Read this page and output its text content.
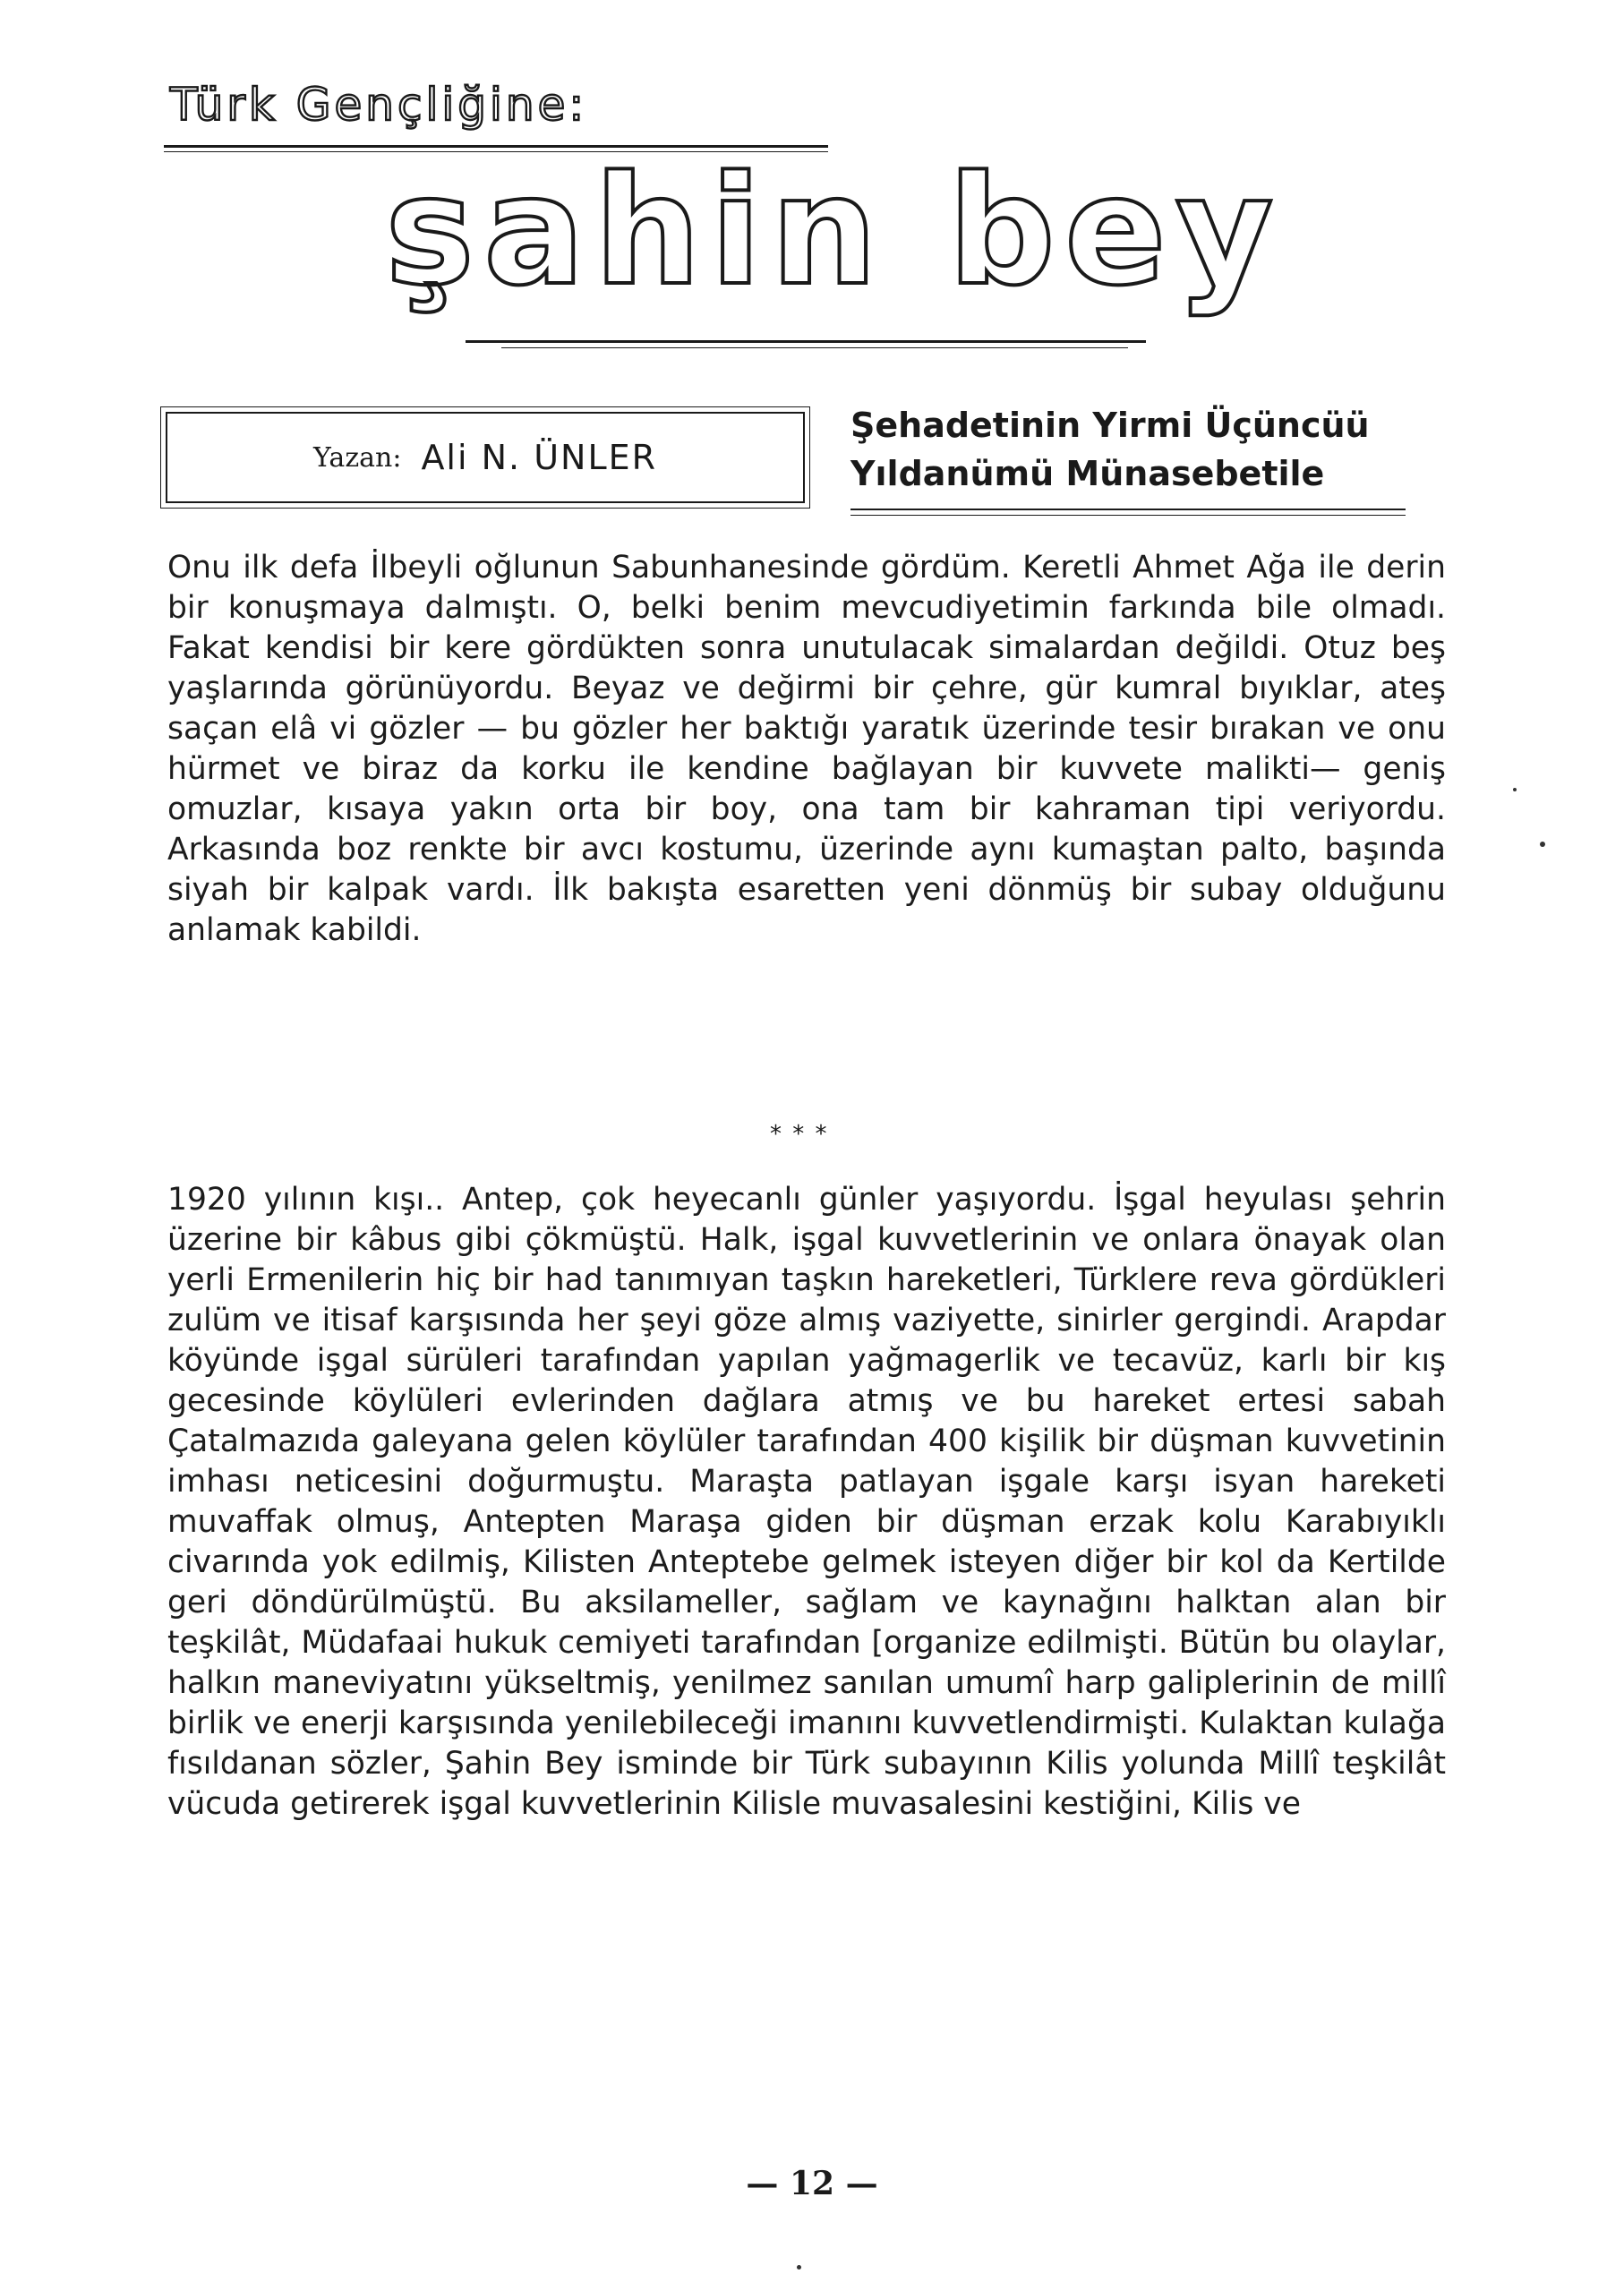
Türk Gençliğine:
şahin bey
Yazan: Ali N. ÜNLER
Şehadetinin Yirmi Üçüncüü
Yıldanümü Münasebetile
Onu ilk defa İlbeyli oğlunun Sabunhanesinde gördüm. Keretli Ahmet Ağa ile derin bir konuşmaya dalmıştı. O, belki benim mevcudiyetimin farkında bile olmadı. Fakat kendisi bir kere gördükten sonra unutulacak simalardan değildi. Otuz beş yaşlarında görünüyordu. Beyaz ve değirmi bir çehre, gür kumral bıyıklar, ateş saçan elâ vi gözler — bu gözler her baktığı yaratık üzerinde tesir bırakan ve onu hürmet ve biraz da korku ile kendine bağlayan bir kuvvete malikti— geniş omuzlar, kısaya yakın orta bir boy, ona tam bir kahraman tipi veriyordu. Arkasında boz renkte bir avcı kostumu, üzerinde aynı kumaştan palto, başında siyah bir kalpak vardı. İlk bakışta esaretten yeni dönmüş bir subay olduğunu anlamak kabildi.
* * *
1920 yılının kışı.. Antep, çok heyecanlı günler yaşıyordu. İşgal heyulası şehrin üzerine bir kâbus gibi çökmüştü. Halk, işgal kuvvetlerinin ve onlara önayak olan yerli Ermenilerin hiç bir had tanımıyan taşkın hareketleri, Türklere reva gördükleri zulüm ve itisaf karşısında her şeyi göze almış vaziyette, sinirler gergindi. Arapdar köyünde işgal sürüleri tarafından yapılan yağmagerlik ve tecavüz, karlı bir kış gecesinde köylüleri evlerinden dağlara atmış ve bu hareket ertesi sabah Çatalmazıda galeyana gelen köylüler tarafından 400 kişilik bir düşman kuvvetinin imhası neticesini doğurmuştu. Maraşta patlayan işgale karşı isyan hareketi muvaffak olmuş, Antepten Maraşa giden bir düşman erzak kolu Karabıyıklı civarında yok edilmiş, Kilisten Anteptebe gelmek isteyen diğer bir kol da Kertilde geri döndürülmüştü. Bu aksilameller, sağlam ve kaynağını halktan alan bir teşkilât, Müdafaai hukuk cemiyeti tarafından [organize edilmişti. Bütün bu olaylar, halkın maneviyatını yükseltmiş, yenilmez sanılan umumî harp galiplerinin de millî birlik ve enerji karşısında yenilebileceği imanını kuvvetlendirmişti. Kulaktan kulağa fısıldanan sözler, Şahin Bey isminde bir Türk subayının Kilis yolunda Millî teşkilât vücuda getirerek işgal kuvvetlerinin Kilisle muvasalesini kestiğini, Kilis ve
— 12 —
